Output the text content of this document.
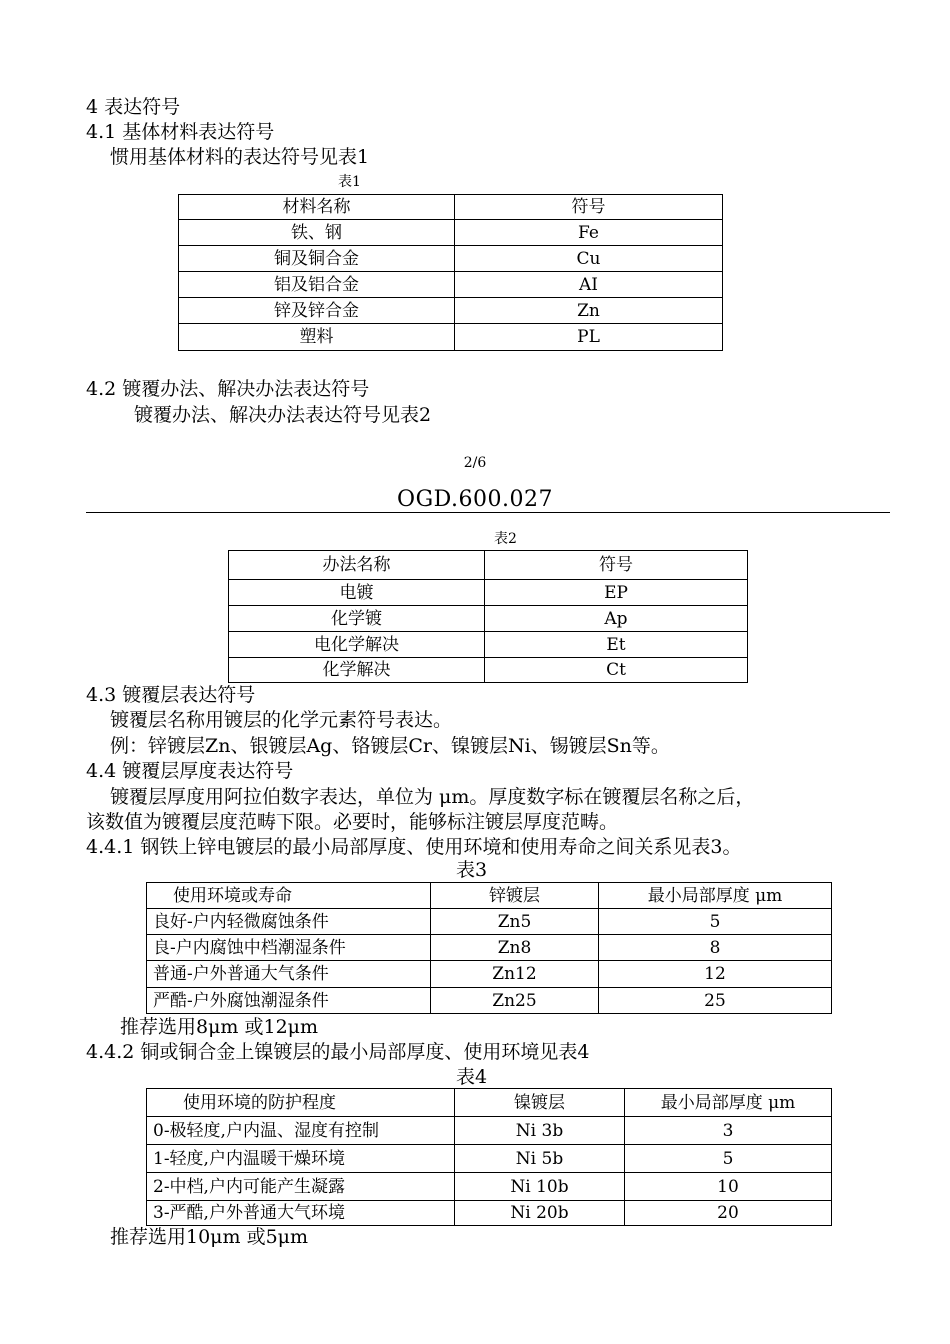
4 表达符号
4.1 基体材料表达符号
惯用基体材料的表达符号见表1
表1
材料名称	符号
铁、钢	Fe
铜及铜合金	Cu
铝及铝合金	AI
锌及锌合金	Zn
塑料	PL
4.2 镀覆办法、解决办法表达符号
镀覆办法、解决办法表达符号见表2
2/6
OGD.600.027
表2
办法名称	符号
电镀	EP
化学镀	Ap
电化学解决	Et
化学解决	Ct
4.3 镀覆层表达符号
镀覆层名称用镀层的化学元素符号表达。
例：锌镀层Zn、银镀层Ag、铬镀层Cr、镍镀层Ni、锡镀层Sn等。
4.4 镀覆层厚度表达符号
镀覆层厚度用阿拉伯数字表达，单位为 μm。厚度数字标在镀覆层名称之后，
该数值为镀覆层度范畴下限。必要时，能够标注镀层厚度范畴。
4.4.1 钢铁上锌电镀层的最小局部厚度、使用环境和使用寿命之间关系见表3。
表3
使用环境或寿命	锌镀层	最小局部厚度 μm
良好-户内轻微腐蚀条件	Zn5	5
良-户内腐蚀中档潮湿条件	Zn8	8
普通-户外普通大气条件	Zn12	12
严酷-户外腐蚀潮湿条件	Zn25	25
推荐选用8μm 或12μm
4.4.2 铜或铜合金上镍镀层的最小局部厚度、使用环境见表4
表4
使用环境的防护程度	镍镀层	最小局部厚度 μm
0-极轻度,户内温、湿度有控制	Ni 3b	3
1-轻度,户内温暖干燥环境	Ni 5b	5
2-中档,户内可能产生凝露	Ni 10b	10
3-严酷,户外普通大气环境	Ni 20b	20
推荐选用10μm 或5μm
